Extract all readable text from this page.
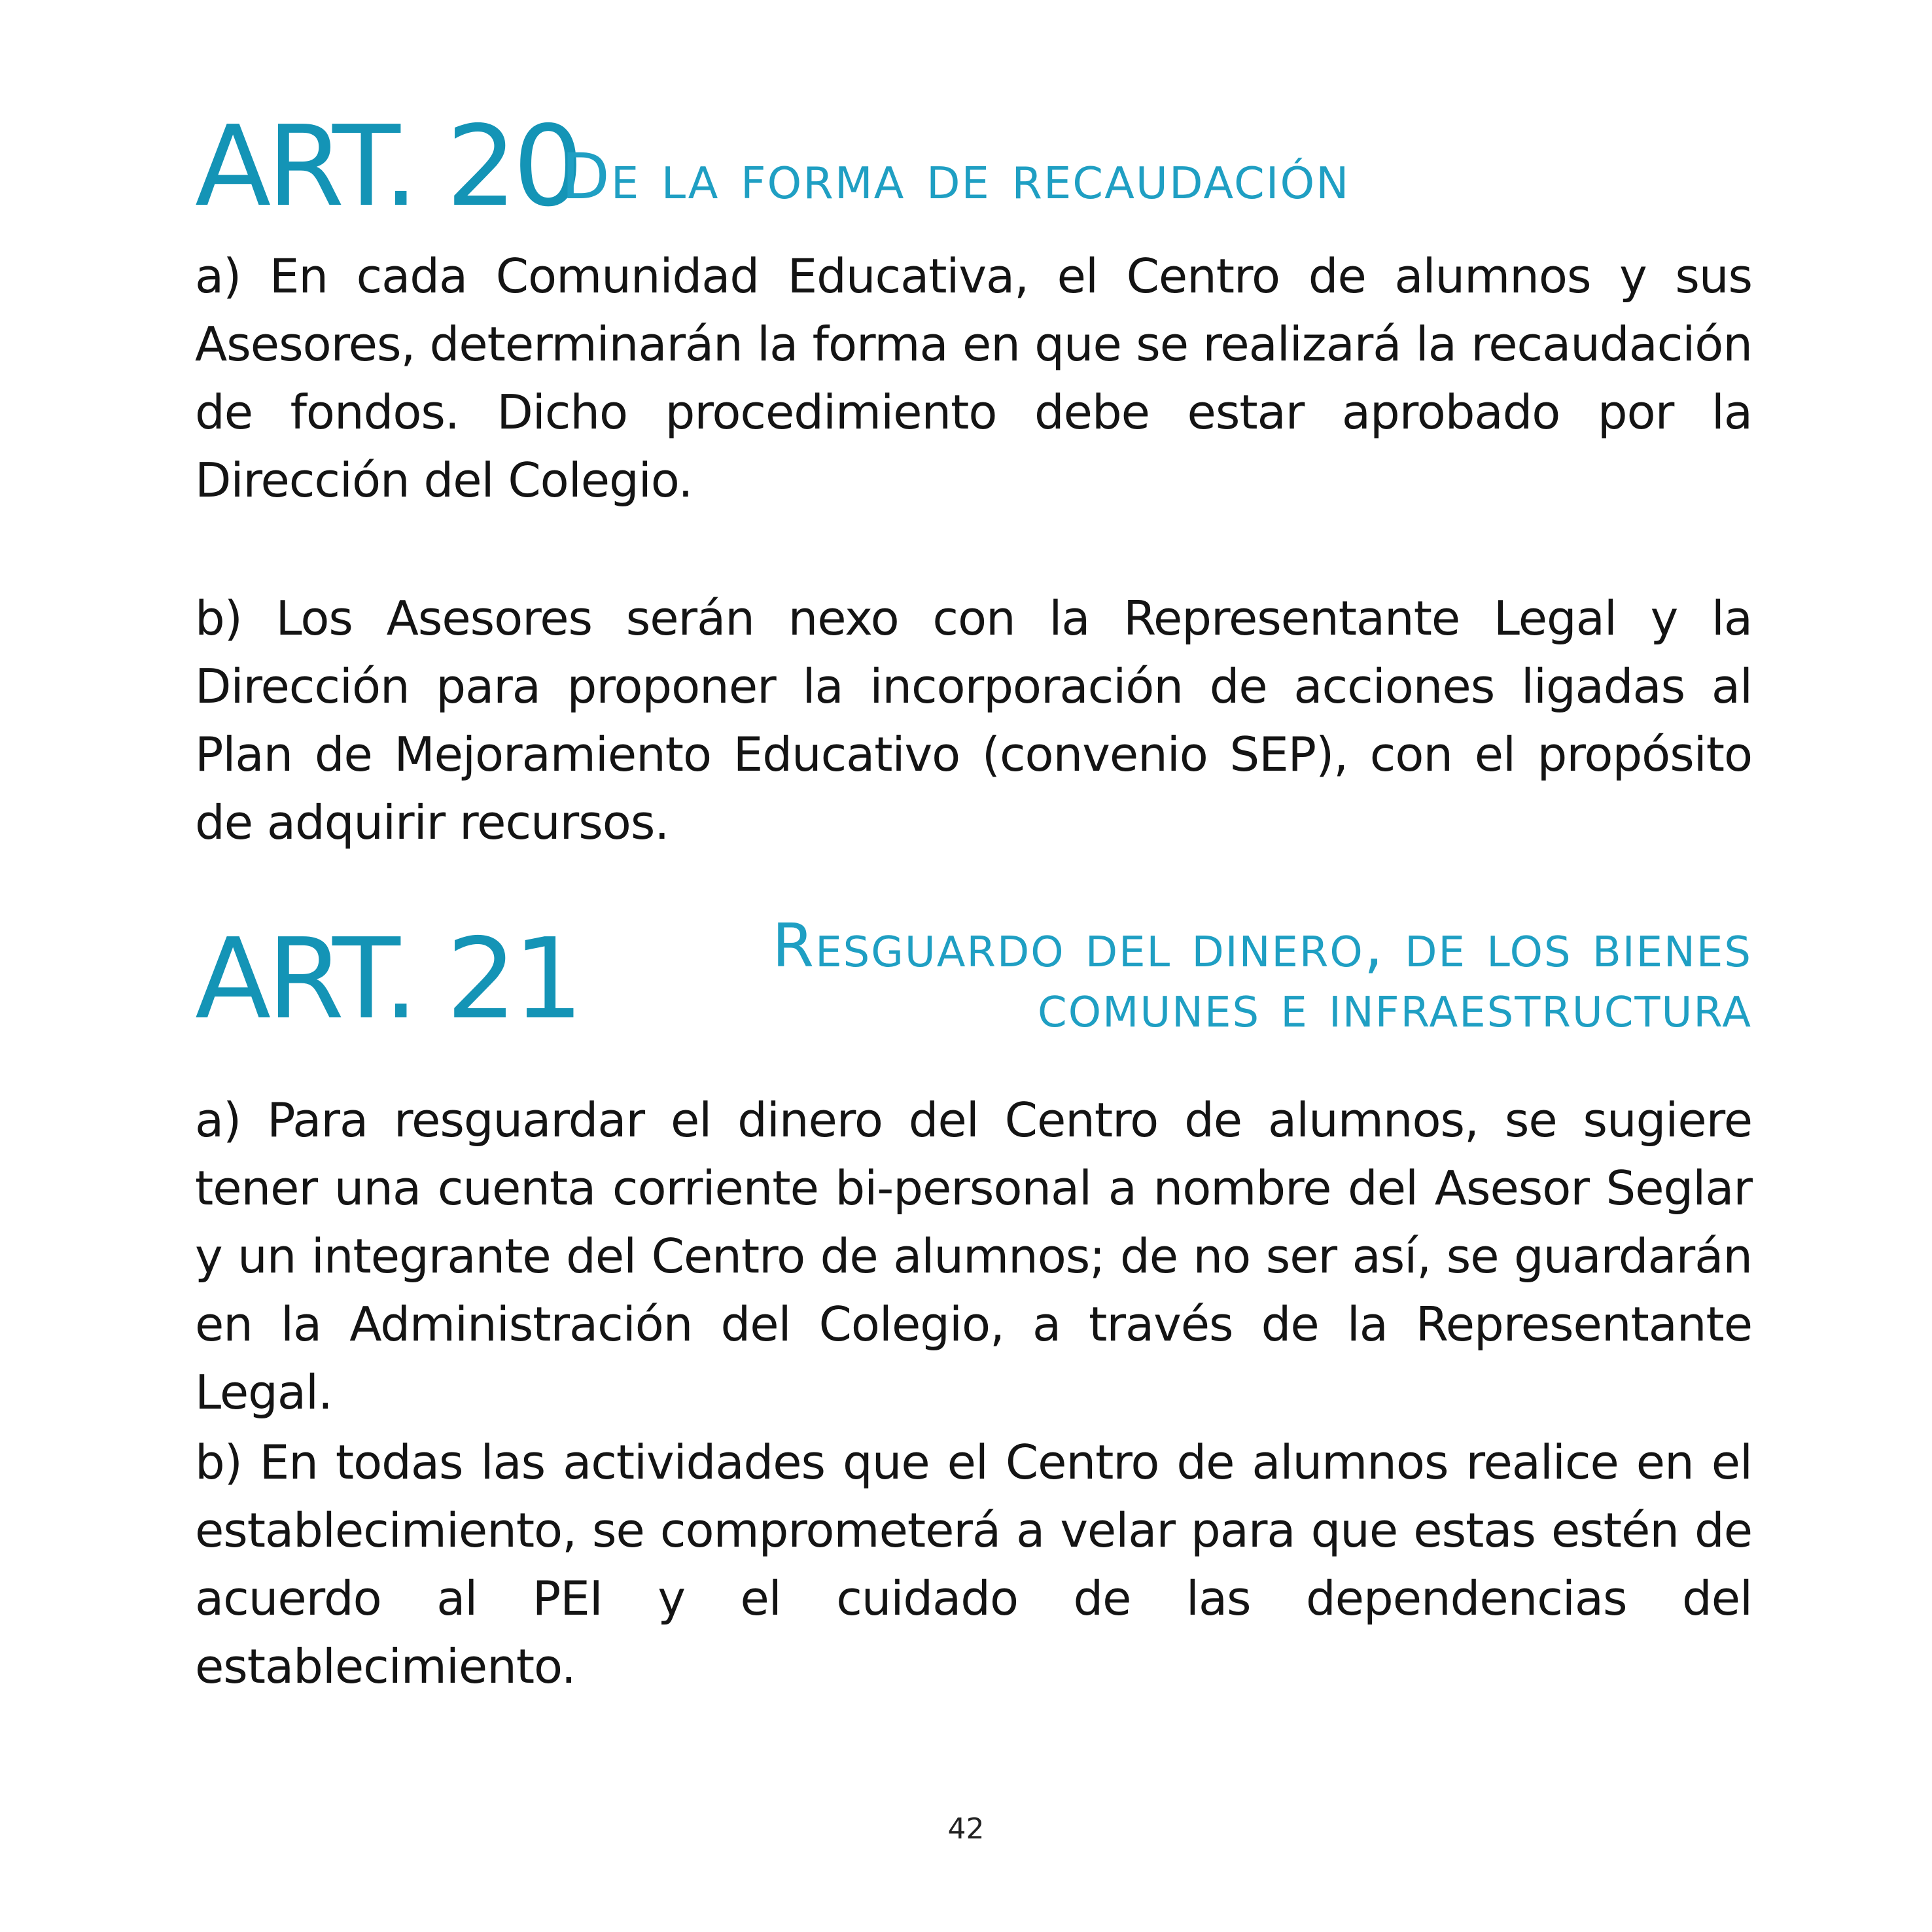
ART. 20
De la forma de recaudación

a) En cada Comunidad Educativa, el Centro de alumnos y sus Asesores, determinarán la forma en que se realizará la recaudación de fondos. Dicho procedimiento debe estar aprobado por la Dirección del Colegio.

b) Los Asesores serán nexo con la Representante Legal y la Dirección para proponer la incorporación de acciones ligadas al Plan de Mejoramiento Educativo (convenio SEP), con el propósito de adquirir recursos.

ART. 21	Resguardo del dinero, de los bienes
comunes e infraestructura

a) Para resguardar el dinero del Centro de alumnos, se sugiere tener una cuenta corriente bi-personal a nombre del Asesor Seglar y un integrante del Centro de alumnos; de no ser así, se guardarán en la Administración del Colegio, a través de la Representante Legal.

b) En todas las actividades que el Centro de alumnos realice en el establecimiento, se comprometerá a velar para que estas estén de acuerdo al PEI y el cuidado de las dependencias del establecimiento.

42
